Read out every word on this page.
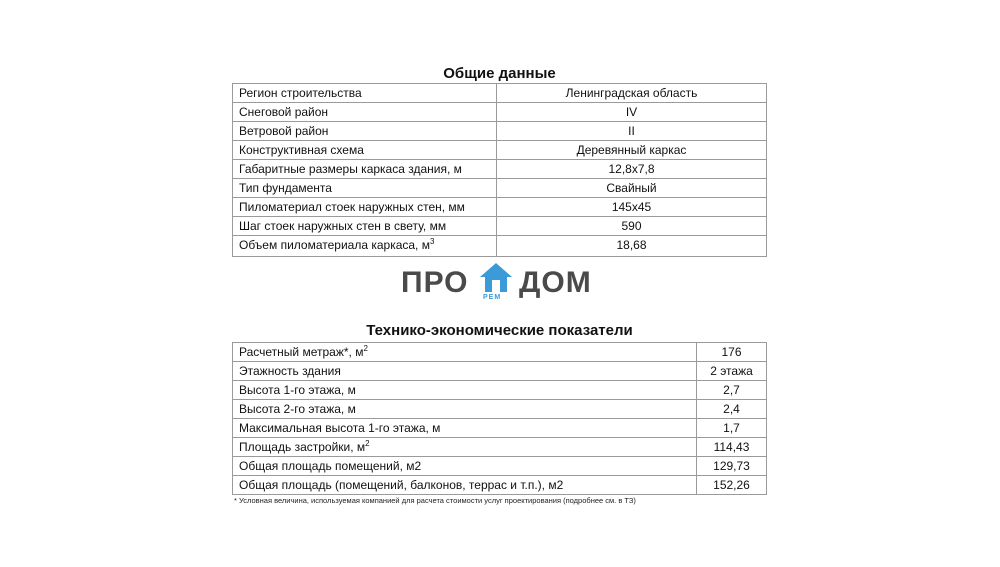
Общие данные
Регион строительства	Ленинградская область
Снеговой район	IV
Ветровой район	II
Конструктивная схема	Деревянный каркас
Габаритные размеры каркаса здания, м	12,8х7,8
Тип фундамента	Свайный
Пиломатериал стоек наружных стен, мм	145х45
Шаг стоек наружных стен в свету, мм	590
Объем пиломатериала каркаса, $м^3$	18,68
ПРО РЕМ ДОМ
Технико-экономические показатели
Расчетный метраж*, $м^2$	176
Этажность здания	2 этажа
Высота 1-го этажа, м	2,7
Высота 2-го этажа, м	2,4
Максимальная высота 1-го этажа, м	1,7
Площадь застройки, $м^2$	114,43
Общая площадь помещений, м2	129,73
Общая площадь (помещений, балконов, террас и т.п.), м2	152,26
* Условная величина, используемая компанией для расчета стоимости услуг проектирования (подробнее см. в ТЗ)
